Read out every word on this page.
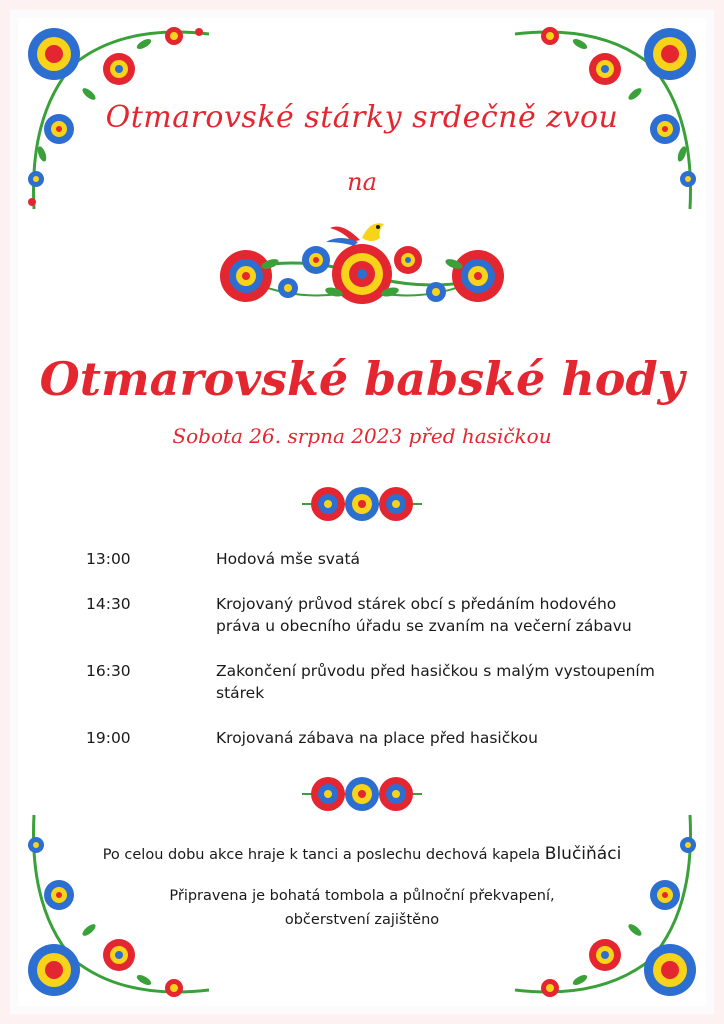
Otmarovské stárky srdečně zvou

na

Otmarovské babské hody

Sobota 26. srpna 2023 před hasičkou

13:00	Hodová mše svatá
14:30	Krojovaný průvod stárek obcí s předáním hodového práva u obecního úřadu se zvaním na večerní zábavu
16:30	Zakončení průvodu před hasičkou s malým vystoupením stárek
19:00	Krojovaná zábava na place před hasičkou
Po celou dobu akce hraje k tanci a poslechu dechová kapela Blučiňáci
Připravena je bohatá tombola a půlnoční překvapení,
občerstvení zajištěno
